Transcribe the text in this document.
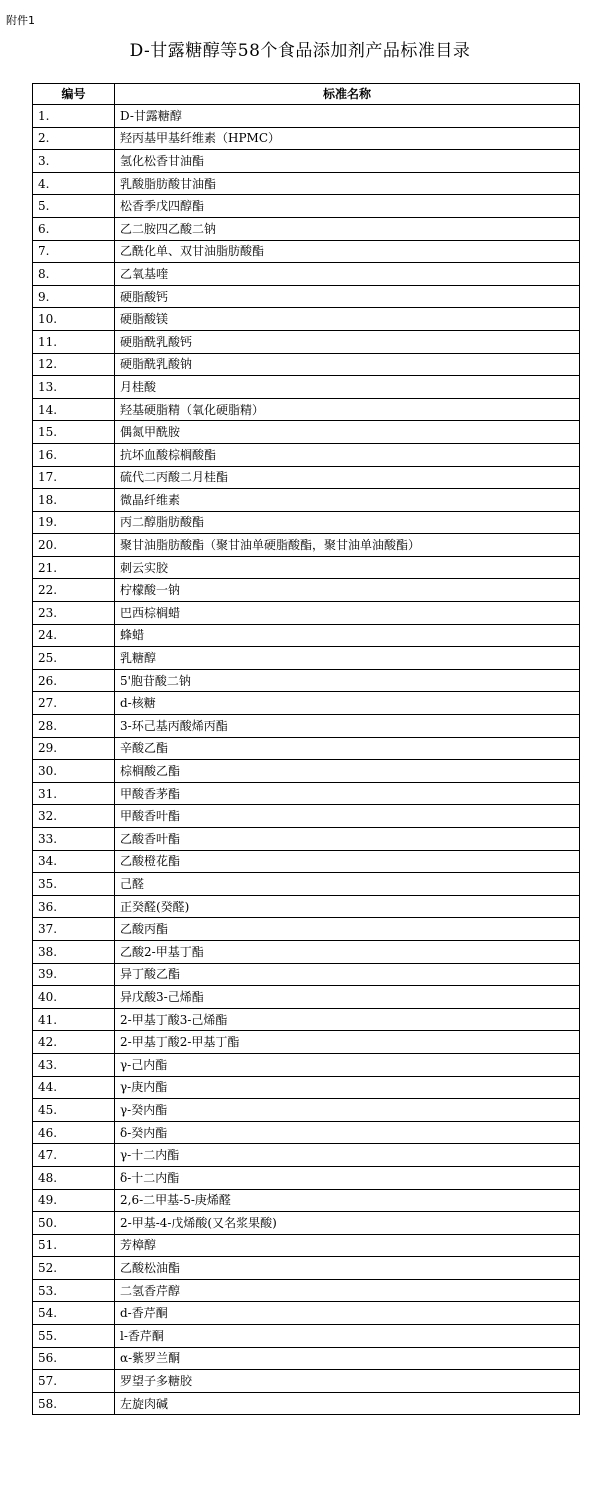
附件1
D-甘露糖醇等58个食品添加剂产品标准目录
编号	标准名称
1.	D-甘露糖醇
2.	羟丙基甲基纤维素（HPMC）
3.	氢化松香甘油酯
4.	乳酸脂肪酸甘油酯
5.	松香季戊四醇酯
6.	乙二胺四乙酸二钠
7.	乙酰化单、双甘油脂肪酸酯
8.	乙氧基喹
9.	硬脂酸钙
10.	硬脂酸镁
11.	硬脂酰乳酸钙
12.	硬脂酰乳酸钠
13.	月桂酸
14.	羟基硬脂精（氧化硬脂精）
15.	偶氮甲酰胺
16.	抗坏血酸棕榈酸酯
17.	硫代二丙酸二月桂酯
18.	微晶纤维素
19.	丙二醇脂肪酸酯
20.	聚甘油脂肪酸酯（聚甘油单硬脂酸酯，聚甘油单油酸酯）
21.	刺云实胶
22.	柠檬酸一钠
23.	巴西棕榈蜡
24.	蜂蜡
25.	乳糖醇
26.	5'胞苷酸二钠
27.	d-核糖
28.	3-环己基丙酸烯丙酯
29.	辛酸乙酯
30.	棕榈酸乙酯
31.	甲酸香茅酯
32.	甲酸香叶酯
33.	乙酸香叶酯
34.	乙酸橙花酯
35.	己醛
36.	正癸醛(癸醛)
37.	乙酸丙酯
38.	乙酸2-甲基丁酯
39.	异丁酸乙酯
40.	异戊酸3-己烯酯
41.	2-甲基丁酸3-己烯酯
42.	2-甲基丁酸2-甲基丁酯
43.	γ-己内酯
44.	γ-庚内酯
45.	γ-癸内酯
46.	δ-癸内酯
47.	γ-十二内酯
48.	δ-十二内酯
49.	2,6-二甲基-5-庚烯醛
50.	2-甲基-4-戊烯酸(又名浆果酸)
51.	芳樟醇
52.	乙酸松油酯
53.	二氢香芹醇
54.	d-香芹酮
55.	l-香芹酮
56.	α-紫罗兰酮
57.	罗望子多糖胶
58.	左旋肉碱
